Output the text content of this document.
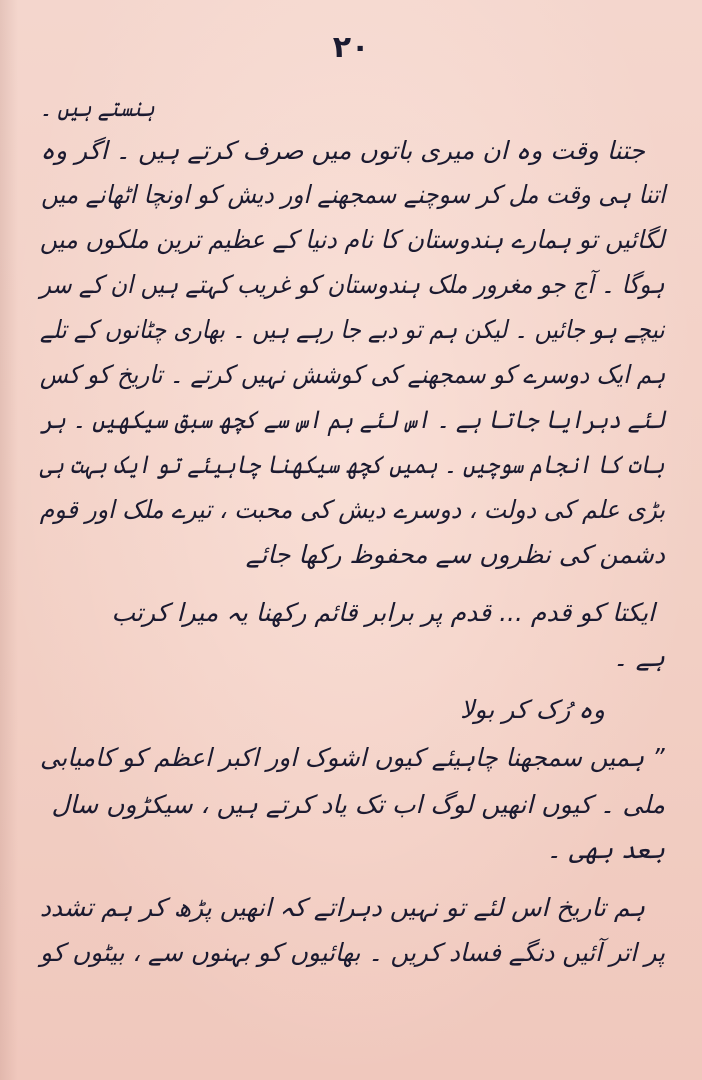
۲۰
ہنستے ہیں ۔
جتنا وقت وہ ان میری باتوں میں صرف کرتے ہیں ۔ اگر وہ
اتنا ہی وقت مل کر سوچنے سمجھنے اور دیش کو اونچا اٹھانے میں
لگائیں تو ہمارے ہندوستان کا نام دنیا کے عظیم ترین ملکوں میں
ہوگا ۔ آج جو مغرور ملک ہندوستان کو غریب کہتے ہیں ان کے سر
نیچے ہو جائیں ۔ لیکن ہم تو دبے جا رہے ہیں ۔ بھاری چٹانوں کے تلے
ہم ایک دوسرے کو سمجھنے کی کوشش نہیں کرتے ۔ تاریخ کو کس
لئے دہرایا جاتا ہے ۔ اس لئے ہم اس سے کچھ سبق سیکھیں ۔ ہر
بات کا انجام سوچیں ۔ ہمیں کچھ سیکھنا چاہیئے تو ایک بہت ہی
بڑی علم کی دولت ، دوسرے دیش کی محبت ، تیرے ملک اور قوم
دشمن کی نظروں سے محفوظ رکھا جائے
ایکتا کو قدم ... قدم پر برابر قائم رکھنا یہ میرا کرتب
ہے ۔
وہ رُک کر بولا
” ہمیں سمجھنا چاہیئے کیوں اشوک اور اکبر اعظم کو کامیابی
ملی ۔ کیوں انھیں لوگ اب تک یاد کرتے ہیں ، سیکڑوں سال
بعد بھی ۔
ہم تاریخ اس لئے تو نہیں دہراتے کہ انھیں پڑھ کر ہم تشدد
پر اتر آئیں دنگے فساد کریں ۔ بھائیوں کو بہنوں سے ، بیٹوں کو
